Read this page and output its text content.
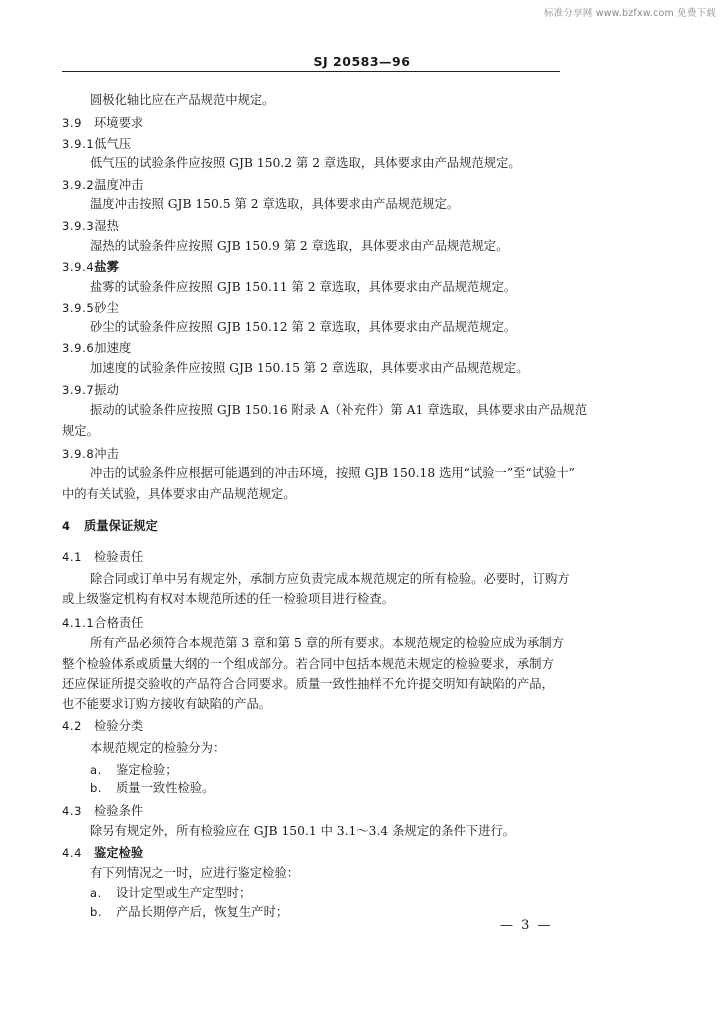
标准分享网 www.bzfxw.com 免费下载
SJ 20583—96
圆极化轴比应在产品规范中规定。
3.9 环境要求
3.9.1低气压
低气压的试验条件应按照 GJB 150.2 第 2 章选取，具体要求由产品规范规定。
3.9.2温度冲击
温度冲击按照 GJB 150.5 第 2 章选取，具体要求由产品规范规定。
3.9.3湿热
湿热的试验条件应按照 GJB 150.9 第 2 章选取，具体要求由产品规范规定。
3.9.4盐雾
盐雾的试验条件应按照 GJB 150.11 第 2 章选取，具体要求由产品规范规定。
3.9.5砂尘
砂尘的试验条件应按照 GJB 150.12 第 2 章选取，具体要求由产品规范规定。
3.9.6加速度
加速度的试验条件应按照 GJB 150.15 第 2 章选取，具体要求由产品规范规定。
3.9.7振动
振动的试验条件应按照 GJB 150.16 附录 A（补充件）第 A1 章选取，具体要求由产品规范
规定。
3.9.8冲击
冲击的试验条件应根据可能遇到的冲击环境，按照 GJB 150.18 选用“试验一”至“试验十”
中的有关试验，具体要求由产品规范规定。
4 质量保证规定
4.1 检验责任
除合同或订单中另有规定外，承制方应负责完成本规范规定的所有检验。必要时，订购方
或上级鉴定机构有权对本规范所述的任一检验项目进行检查。
4.1.1合格责任
所有产品必须符合本规范第 3 章和第 5 章的所有要求。本规范规定的检验应成为承制方
整个检验体系或质量大纲的一个组成部分。若合同中包括本规范未规定的检验要求，承制方
还应保证所提交验收的产品符合合同要求。质量一致性抽样不允许提交明知有缺陷的产品，
也不能要求订购方接收有缺陷的产品。
4.2 检验分类
本规范规定的检验分为：
a. 鉴定检验；
b. 质量一致性检验。
4.3 检验条件
除另有规定外，所有检验应在 GJB 150.1 中 3.1～3.4 条规定的条件下进行。
4.4 鉴定检验
有下列情况之一时，应进行鉴定检验：
a. 设计定型或生产定型时；
b. 产品长期停产后，恢复生产时；
— 3 —
